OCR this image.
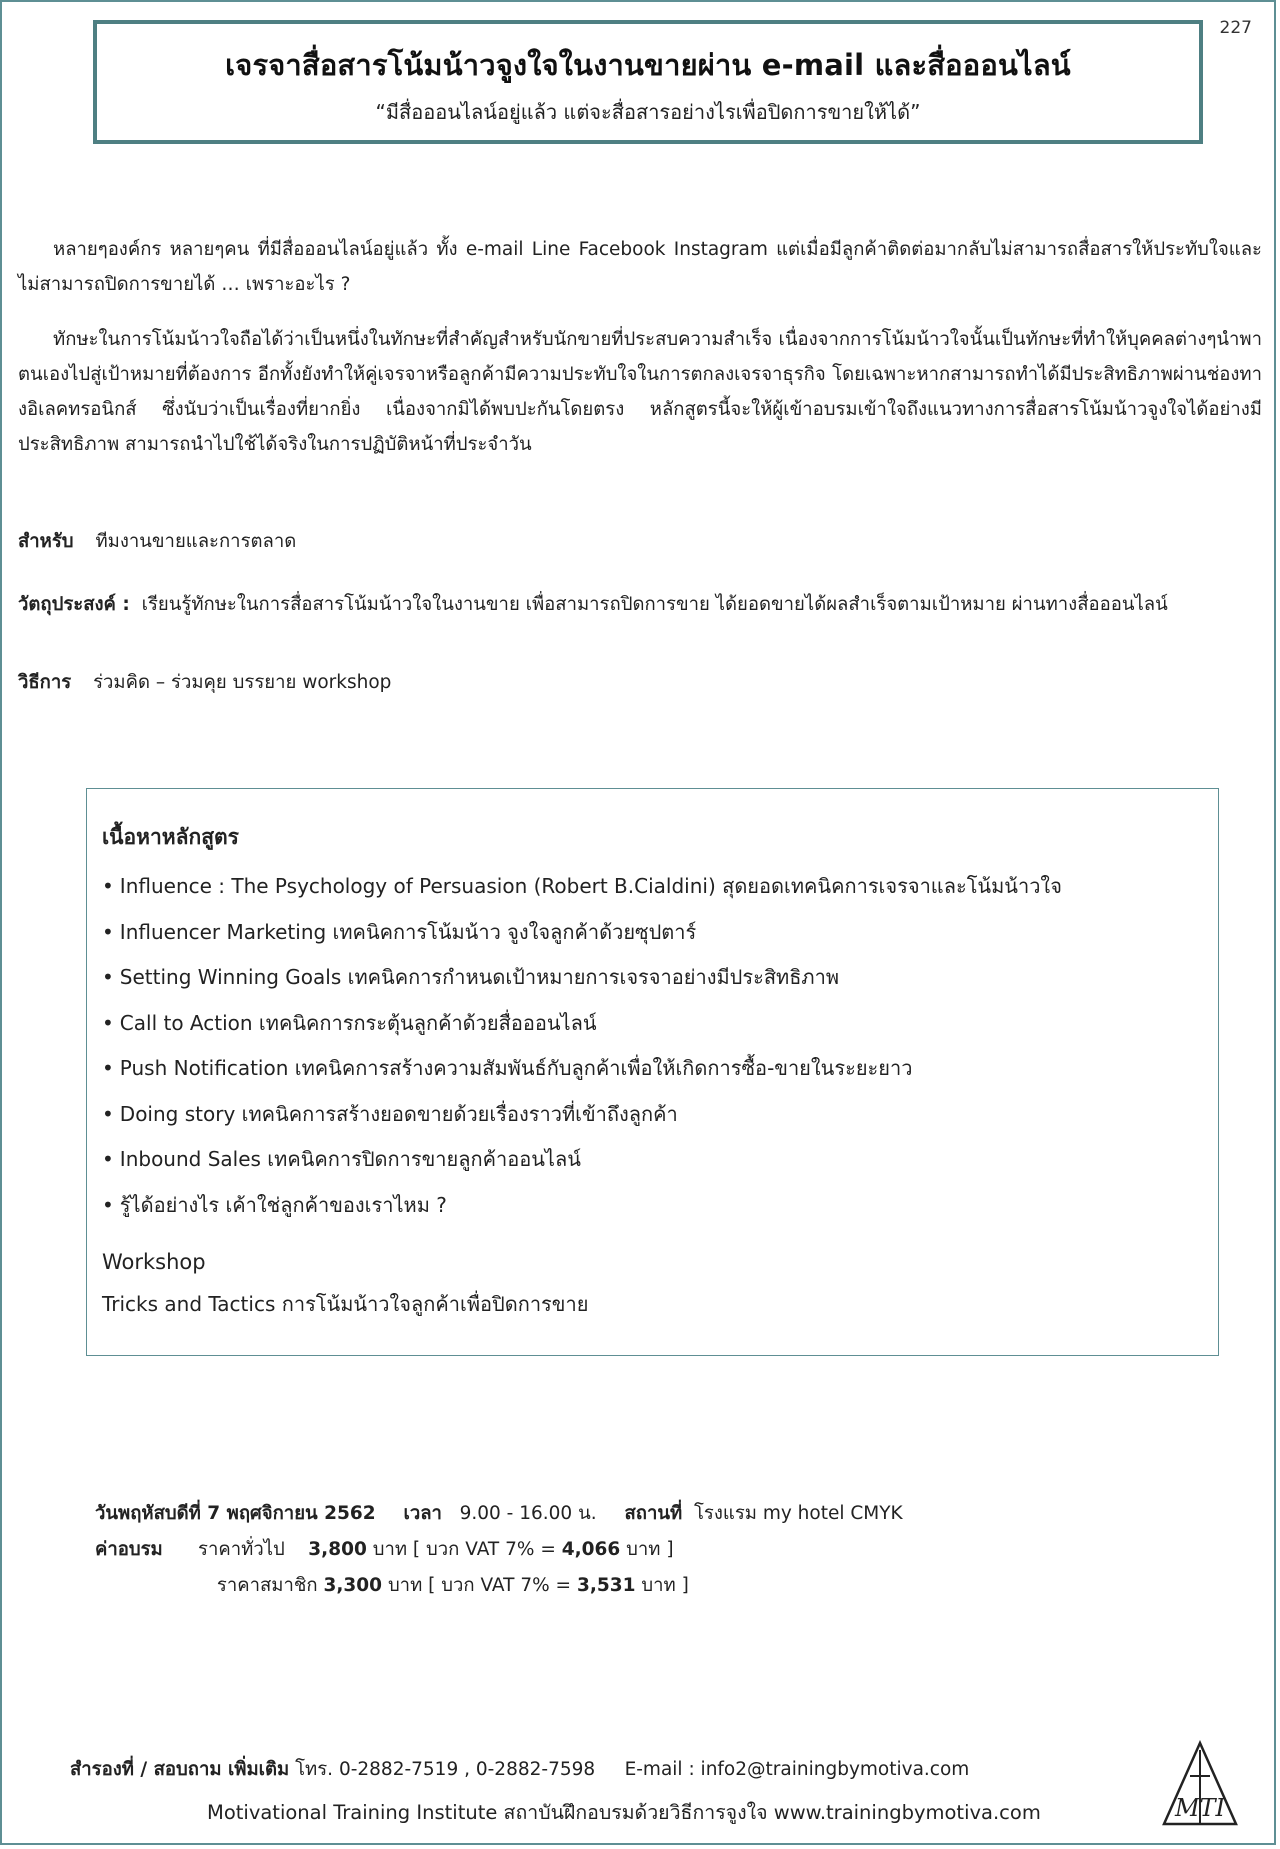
227
เจรจาสื่อสารโน้มน้าวจูงใจในงานขายผ่าน e-mail และสื่อออนไลน์
“มีสื่อออนไลน์อยู่แล้ว แต่จะสื่อสารอย่างไรเพื่อปิดการขายให้ได้”

หลายๆองค์กร หลายๆคน ที่มีสื่อออนไลน์อยู่แล้ว ทั้ง e-mail Line Facebook Instagram แต่เมื่อมีลูกค้าติดต่อมากลับไม่สามารถสื่อสารให้ประทับใจและไม่สามารถปิดการขายได้ … เพราะอะไร ?

ทักษะในการโน้มน้าวใจถือได้ว่าเป็นหนึ่งในทักษะที่สำคัญสำหรับนักขายที่ประสบความสำเร็จ เนื่องจากการโน้มน้าวใจนั้นเป็นทักษะที่ทำให้บุคคลต่างๆนำพาตนเองไปสู่เป้าหมายที่ต้องการ อีกทั้งยังทำให้คู่เจรจาหรือลูกค้ามีความประทับใจในการตกลงเจรจาธุรกิจ โดยเฉพาะหากสามารถทำได้มีประสิทธิภาพผ่านช่องทางอิเลคทรอนิกส์ ซึ่งนับว่าเป็นเรื่องที่ยากยิ่ง เนื่องจากมิได้พบปะกันโดยตรง หลักสูตรนี้จะให้ผู้เข้าอบรมเข้าใจถึงแนวทางการสื่อสารโน้มน้าวจูงใจได้อย่างมีประสิทธิภาพ สามารถนำไปใช้ได้จริงในการปฏิบัติหน้าที่ประจำวัน

สำหรับ ทีมงานขายและการตลาด
วัตถุประสงค์ : เรียนรู้ทักษะในการสื่อสารโน้มน้าวใจในงานขาย เพื่อสามารถปิดการขาย ได้ยอดขายได้ผลสำเร็จตามเป้าหมาย ผ่านทางสื่อออนไลน์
วิธีการ ร่วมคิด – ร่วมคุย บรรยาย workshop
เนื้อหาหลักสูตร
• Influence : The Psychology of Persuasion (Robert B.Cialdini) สุดยอดเทคนิคการเจรจาและโน้มน้าวใจ
• Influencer Marketing เทคนิคการโน้มน้าว จูงใจลูกค้าด้วยซุปตาร์
• Setting Winning Goals เทคนิคการกำหนดเป้าหมายการเจรจาอย่างมีประสิทธิภาพ
• Call to Action เทคนิคการกระตุ้นลูกค้าด้วยสื่อออนไลน์
• Push Notification เทคนิคการสร้างความสัมพันธ์กับลูกค้าเพื่อให้เกิดการซื้อ-ขายในระยะยาว
• Doing story เทคนิคการสร้างยอดขายด้วยเรื่องราวที่เข้าถึงลูกค้า
• Inbound Sales เทคนิคการปิดการขายลูกค้าออนไลน์
• รู้ได้อย่างไร เค้าใช่ลูกค้าของเราไหม ?
Workshop
Tricks and Tactics การโน้มน้าวใจลูกค้าเพื่อปิดการขาย
วันพฤหัสบดีที่ 7 พฤศจิกายน 2562 เวลา 9.00 - 16.00 น. สถานที่ โรงแรม my hotel CMYK
ค่าอบรม ราคาทั่วไป 3,800 บาท [ บวก VAT 7% = 4,066 บาท ]
ราคาสมาชิก 3,300 บาท [ บวก VAT 7% = 3,531 บาท ]
สำรองที่ / สอบถาม เพิ่มเติม โทร. 0-2882-7519 , 0-2882-7598 E-mail : info2@trainingbymotiva.com
Motivational Training Institute สถาบันฝึกอบรมด้วยวิธีการจูงใจ www.trainingbymotiva.com	MTI
